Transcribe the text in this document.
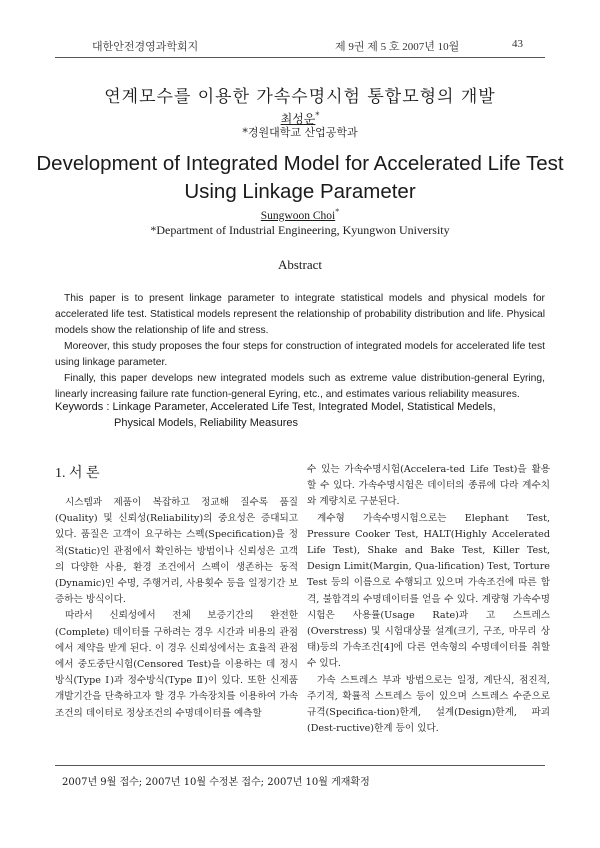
대한안전경영과학회지	제 9권 제 5 호 2007년 10월	43
연계모수를 이용한 가속수명시험 통합모형의 개발
최성운*
*경원대학교 산업공학과
Development of Integrated Model for Accelerated Life Test
Using Linkage Parameter
Sungwoon Choi*
*Department of Industrial Engineering, Kyungwon University
Abstract

This paper is to present linkage parameter to integrate statistical models and physical models for accelerated life test. Statistical models represent the relationship of probability distribution and life. Physical models show the relationship of life and stress.

Moreover, this study proposes the four steps for construction of integrated models for accelerated life test using linkage parameter.

Finally, this paper develops new integrated models such as extreme value distribution-general Eyring, linearly increasing failure rate function-general Eyring, etc., and estimates various reliability measures.

Keywords : Linkage Parameter, Accelerated Life Test, Integrated Model, Statistical Medels,
Physical Models, Reliability Measures
1. 서 론

시스템과 제품이 복잡하고 정교해 질수록 품질(Quality) 및 신뢰성(Reliability)의 중요성은 증대되고 있다. 품질은 고객이 요구하는 스펙(Specification)을 정적(Static)인 관점에서 확인하는 방법이나 신뢰성은 고객의 다양한 사용, 환경 조건에서 스펙이 생존하는 동적(Dynamic)인 수명, 주행거리, 사용횟수 등을 일정기간 보증하는 방식이다.

따라서 신뢰성에서 전체 보증기간의 완전한(Complete) 데이터를 구하려는 경우 시간과 비용의 관점에서 제약을 받게 된다. 이 경우 신뢰성에서는 효율적 관점에서 중도중단시험(Censored Test)을 이용하는 데 정시방식(Type Ⅰ)과 정수방식(Type Ⅱ)이 있다. 또한 신제품 개발기간을 단축하고자 할 경우 가속장치를 이용하여 가속조건의 데이터로 정상조건의 수명데이터를 예측할

수 있는 가속수명시험(Accelera-ted Life Test)을 활용할 수 있다. 가속수명시험은 데이터의 종류에 다라 계수치와 계량치로 구분된다.

계수형 가속수명시험으로는 Elephant Test, Pressure Cooker Test, HALT(Highly Accelerated Life Test), Shake and Bake Test, Killer Test, Design Limit(Margin, Qua-lification) Test, Torture Test 등의 이름으로 수행되고 있으며 가속조건에 따른 합격, 불합격의 수명데이터를 얻을 수 있다. 계량형 가속수명시험은 사용률(Usage Rate)과 고 스트레스(Overstress) 및 시험대상물 설계(크기, 구조, 마무리 상태)등의 가속조건[4]에 다른 연속형의 수명데이터를 취할 수 있다.

가속 스트레스 부과 방법으로는 일정, 계단식, 점진적, 주기적, 확률적 스트레스 등이 있으며 스트레스 수준으로 규격(Specifica-tion)한계, 설계(Design)한계, 파괴(Dest-ructive)한계 등이 있다.

2007년 9월 접수; 2007년 10월 수정본 접수; 2007년 10월 게재확정
